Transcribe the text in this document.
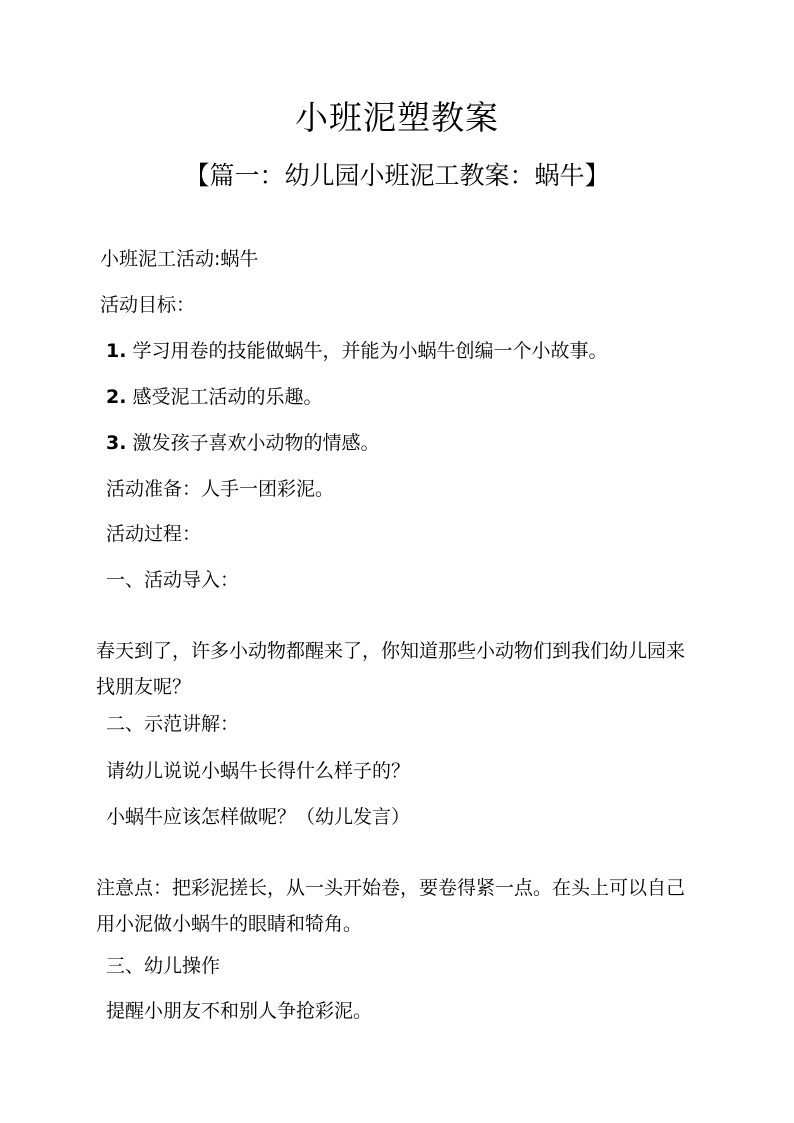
小班泥塑教案
【篇一：幼儿园小班泥工教案：蜗牛】
小班泥工活动:蜗牛
活动目标：
1. 学习用卷的技能做蜗牛，并能为小蜗牛创编一个小故事。
2. 感受泥工活动的乐趣。
3. 激发孩子喜欢小动物的情感。
活动准备：人手一团彩泥。
活动过程：
一、活动导入：
春天到了，许多小动物都醒来了，你知道那些小动物们到我们幼儿园来找朋友呢？
二、示范讲解：
请幼儿说说小蜗牛长得什么样子的？
小蜗牛应该怎样做呢？（幼儿发言）
注意点：把彩泥搓长，从一头开始卷，要卷得紧一点。在头上可以自己用小泥做小蜗牛的眼睛和犄角。
三、幼儿操作
提醒小朋友不和别人争抢彩泥。
